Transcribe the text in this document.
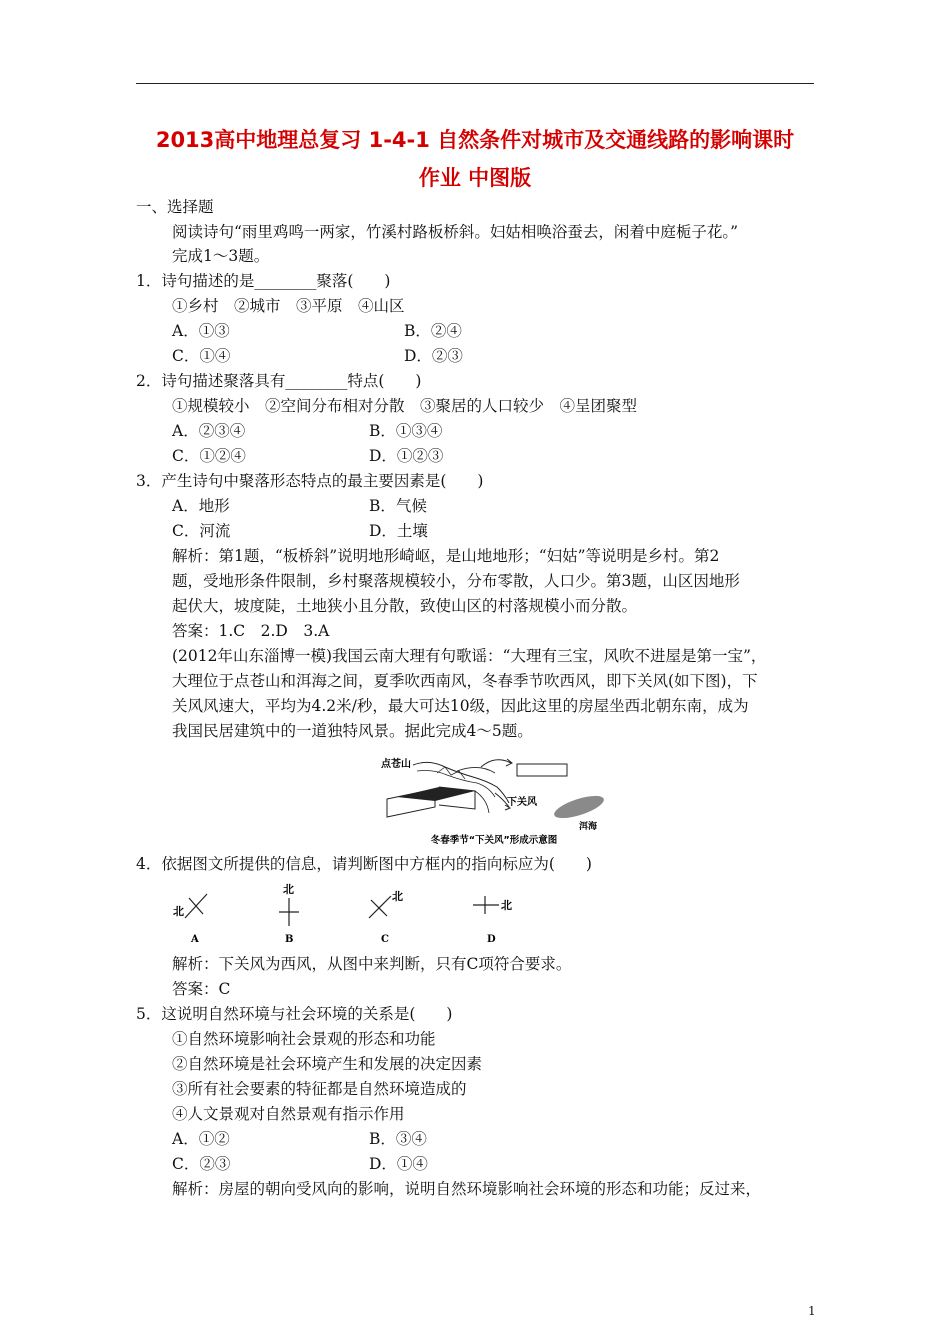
2013高中地理总复习 1-4-1 自然条件对城市及交通线路的影响课时
作业 中图版
一、选择题
阅读诗句“雨里鸡鸣一两家，竹溪村路板桥斜。妇姑相唤浴蚕去，闲着中庭栀子花。”
完成1～3题。
1．诗句描述的是________聚落(　　)
①乡村　②城市　③平原　④山区
A．①③	B．②④
C．①④	D．②③
2．诗句描述聚落具有________特点(　　)
①规模较小　②空间分布相对分散　③聚居的人口较少　④呈团聚型
A．②③④	B．①③④
C．①②④	D．①②③
3．产生诗句中聚落形态特点的最主要因素是(　　)
A．地形	B．气候
C．河流	D．土壤
解析：第1题，“板桥斜”说明地形崎岖，是山地地形；“妇姑”等说明是乡村。第2
题，受地形条件限制，乡村聚落规模较小，分布零散，人口少。第3题，山区因地形
起伏大，坡度陡，土地狭小且分散，致使山区的村落规模小而分散。
答案：1.C　2.D　3.A
(2012年山东淄博一模)我国云南大理有句歌谣：“大理有三宝，风吹不进屋是第一宝”，
大理位于点苍山和洱海之间，夏季吹西南风，冬春季节吹西风，即下关风(如下图)，下
关风风速大，平均为4.2米/秒，最大可达10级，因此这里的房屋坐西北朝东南，成为
我国民居建筑中的一道独特风景。据此完成4～5题。
点苍山
下关风
洱海
冬春季节“下关风”形成示意图
4．依据图文所提供的信息，请判断图中方框内的指向标应为(　　)
北
A
北
B
北
C
北
D
解析：下关风为西风，从图中来判断，只有C项符合要求。
答案：C
5．这说明自然环境与社会环境的关系是(　　)
①自然环境影响社会景观的形态和功能
②自然环境是社会环境产生和发展的决定因素
③所有社会要素的特征都是自然环境造成的
④人文景观对自然景观有指示作用
A．①②	B．③④
C．②③	D．①④
解析：房屋的朝向受风向的影响，说明自然环境影响社会环境的形态和功能；反过来，
1
